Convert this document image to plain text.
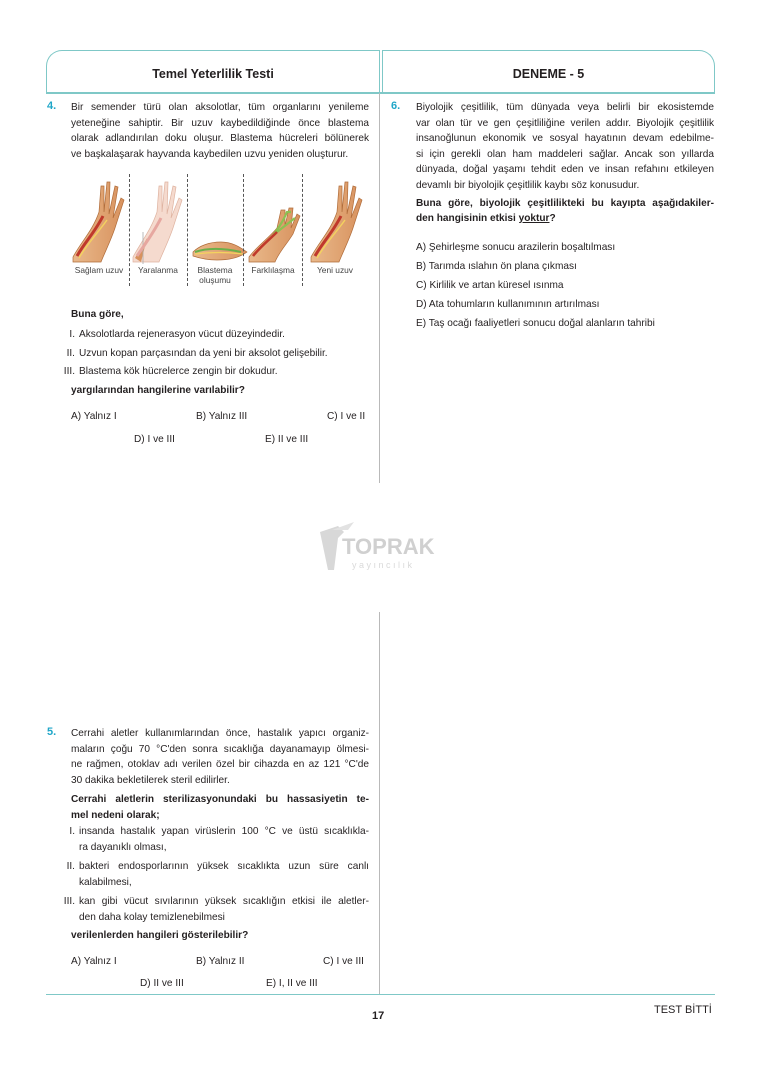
Temel Yeterlilik Testi	DENEME - 5
4. Bir semender türü olan aksolotlar, tüm organlarını yenileme
yeteneğine sahiptir. Bir uzuv kaybedildiğinde önce blastema
olarak adlandırılan doku oluşur. Blastema hücreleri bölünerek
ve başkalaşarak hayvanda kaybedilen uzvu yeniden oluşturur.
Sağlam uzuv	Yaralanma	Blastema
oluşumu
Farklılaşma	Yeni uzuv
Buna göre,
I. Aksolotlarda rejenerasyon vücut düzeyindedir.
II. Uzvun kopan parçasından da yeni bir aksolot gelişebilir.
III. Blastema kök hücrelerce zengin bir dokudur.
yargılarından hangilerine varılabilir?
A) Yalnız I	B) Yalnız III	C) I ve II
D) I ve III	E) II ve III
TOPRAK
yayıncılık
5. Cerrahi aletler kullanımlarından önce, hastalık yapıcı organiz-
maların çoğu 70 °C'den sonra sıcaklığa dayanamayıp ölmesi-
ne rağmen, otoklav adı verilen özel bir cihazda en az 121 °C'de
30 dakika bekletilerek steril edilirler.
Cerrahi aletlerin sterilizasyonundaki bu hassasiyetin te-
mel nedeni olarak;
I. insanda hastalık yapan virüslerin 100 °C ve üstü sıcaklıkla-
ra dayanıklı olması,
II. bakteri endosporlarının yüksek sıcaklıkta uzun süre canlı
kalabilmesi,
III. kan gibi vücut sıvılarının yüksek sıcaklığın etkisi ile aletler-
den daha kolay temizlenebilmesi
verilenlerden hangileri gösterilebilir?
A) Yalnız I	B) Yalnız II	C) I ve III
D) II ve III	E) I, II ve III
6. Biyolojik çeşitlilik, tüm dünyada veya belirli bir ekosistemde
var olan tür ve gen çeşitliliğine verilen addır. Biyolojik çeşitlilik
insanoğlunun ekonomik ve sosyal hayatının devam edebilme-
si için gerekli olan ham maddeleri sağlar. Ancak son yıllarda
dünyada, doğal yaşamı tehdit eden ve insan refahını etkileyen
devamlı bir biyolojik çeşitlilik kaybı söz konusudur.
Buna göre, biyolojik çeşitlilikteki bu kayıpta aşağıdakiler-
den hangisinin etkisi yoktur?
A) Şehirleşme sonucu arazilerin boşaltılması
B) Tarımda ıslahın ön plana çıkması
C) Kirlilik ve artan küresel ısınma
D) Ata tohumların kullanımının artırılması
E) Taş ocağı faaliyetleri sonucu doğal alanların tahribi
17	TEST BİTTİ
